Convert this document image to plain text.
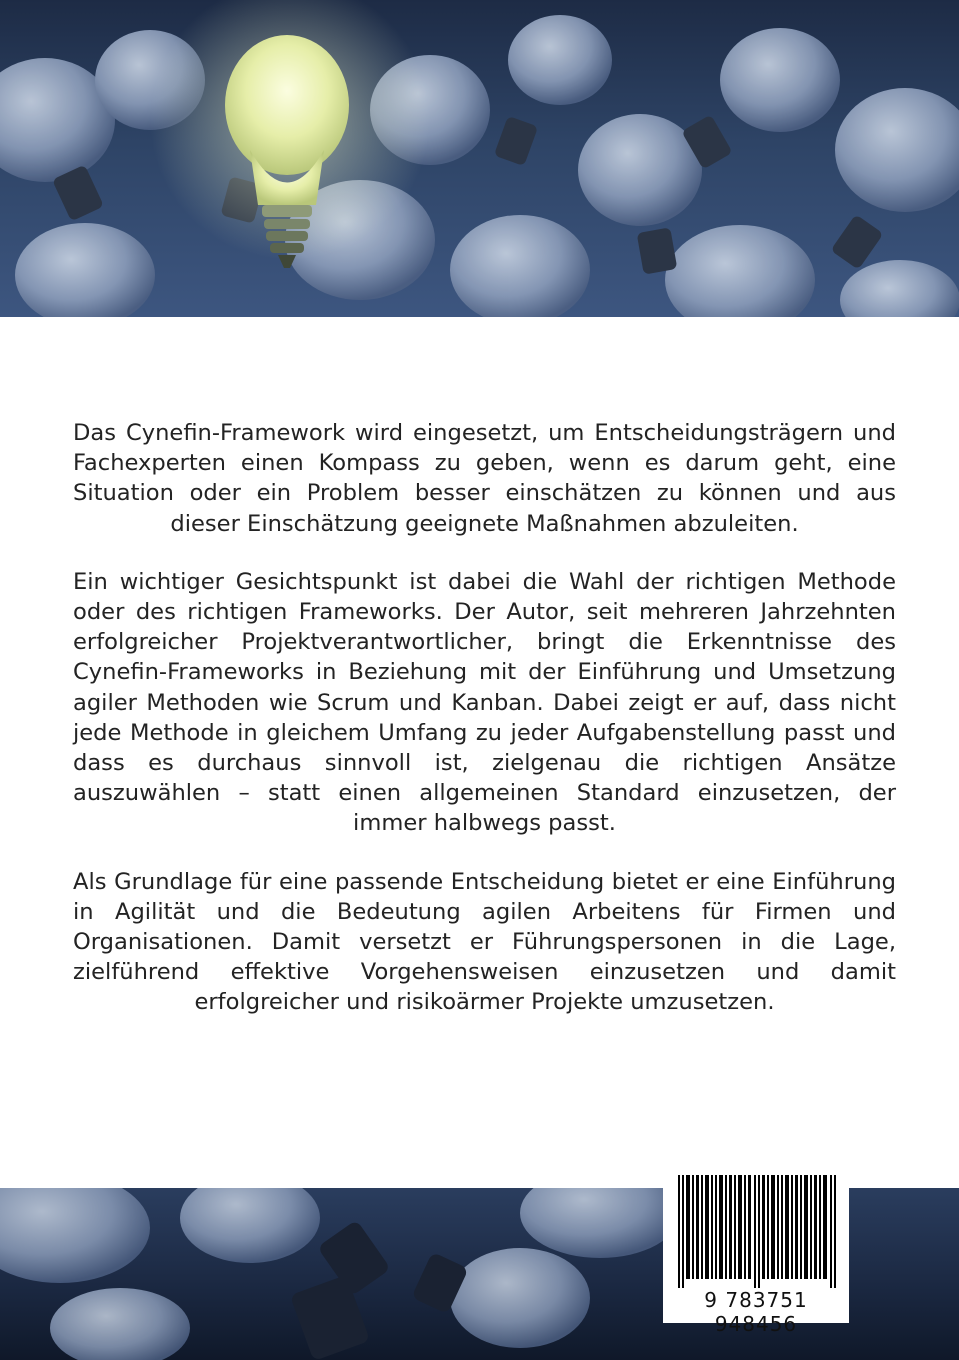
Das Cynefin-Framework wird eingesetzt, um Entscheidungsträgern und Fachexperten einen Kompass zu geben, wenn es darum geht, eine Situation oder ein Problem besser einschätzen zu können und aus dieser Einschätzung geeignete Maßnahmen abzuleiten.

Ein wichtiger Gesichtspunkt ist dabei die Wahl der richtigen Methode oder des richtigen Frameworks. Der Autor, seit mehreren Jahrzehnten erfolgreicher Projektverantwortlicher, bringt die Erkenntnisse des Cynefin-Frameworks in Beziehung mit der Einführung und Umsetzung agiler Methoden wie Scrum und Kanban. Dabei zeigt er auf, dass nicht jede Methode in gleichem Umfang zu jeder Aufgabenstellung passt und dass es durchaus sinnvoll ist, zielgenau die richtigen Ansätze auszuwählen – statt einen allgemeinen Standard einzusetzen, der immer halbwegs passt.

Als Grundlage für eine passende Entscheidung bietet er eine Einführung in Agilität und die Bedeutung agilen Arbeitens für Firmen und Organisationen. Damit versetzt er Führungspersonen in die Lage, zielführend effektive Vorgehensweisen einzusetzen und damit erfolgreicher und risikoärmer Projekte umzusetzen.

9 783751 948456
